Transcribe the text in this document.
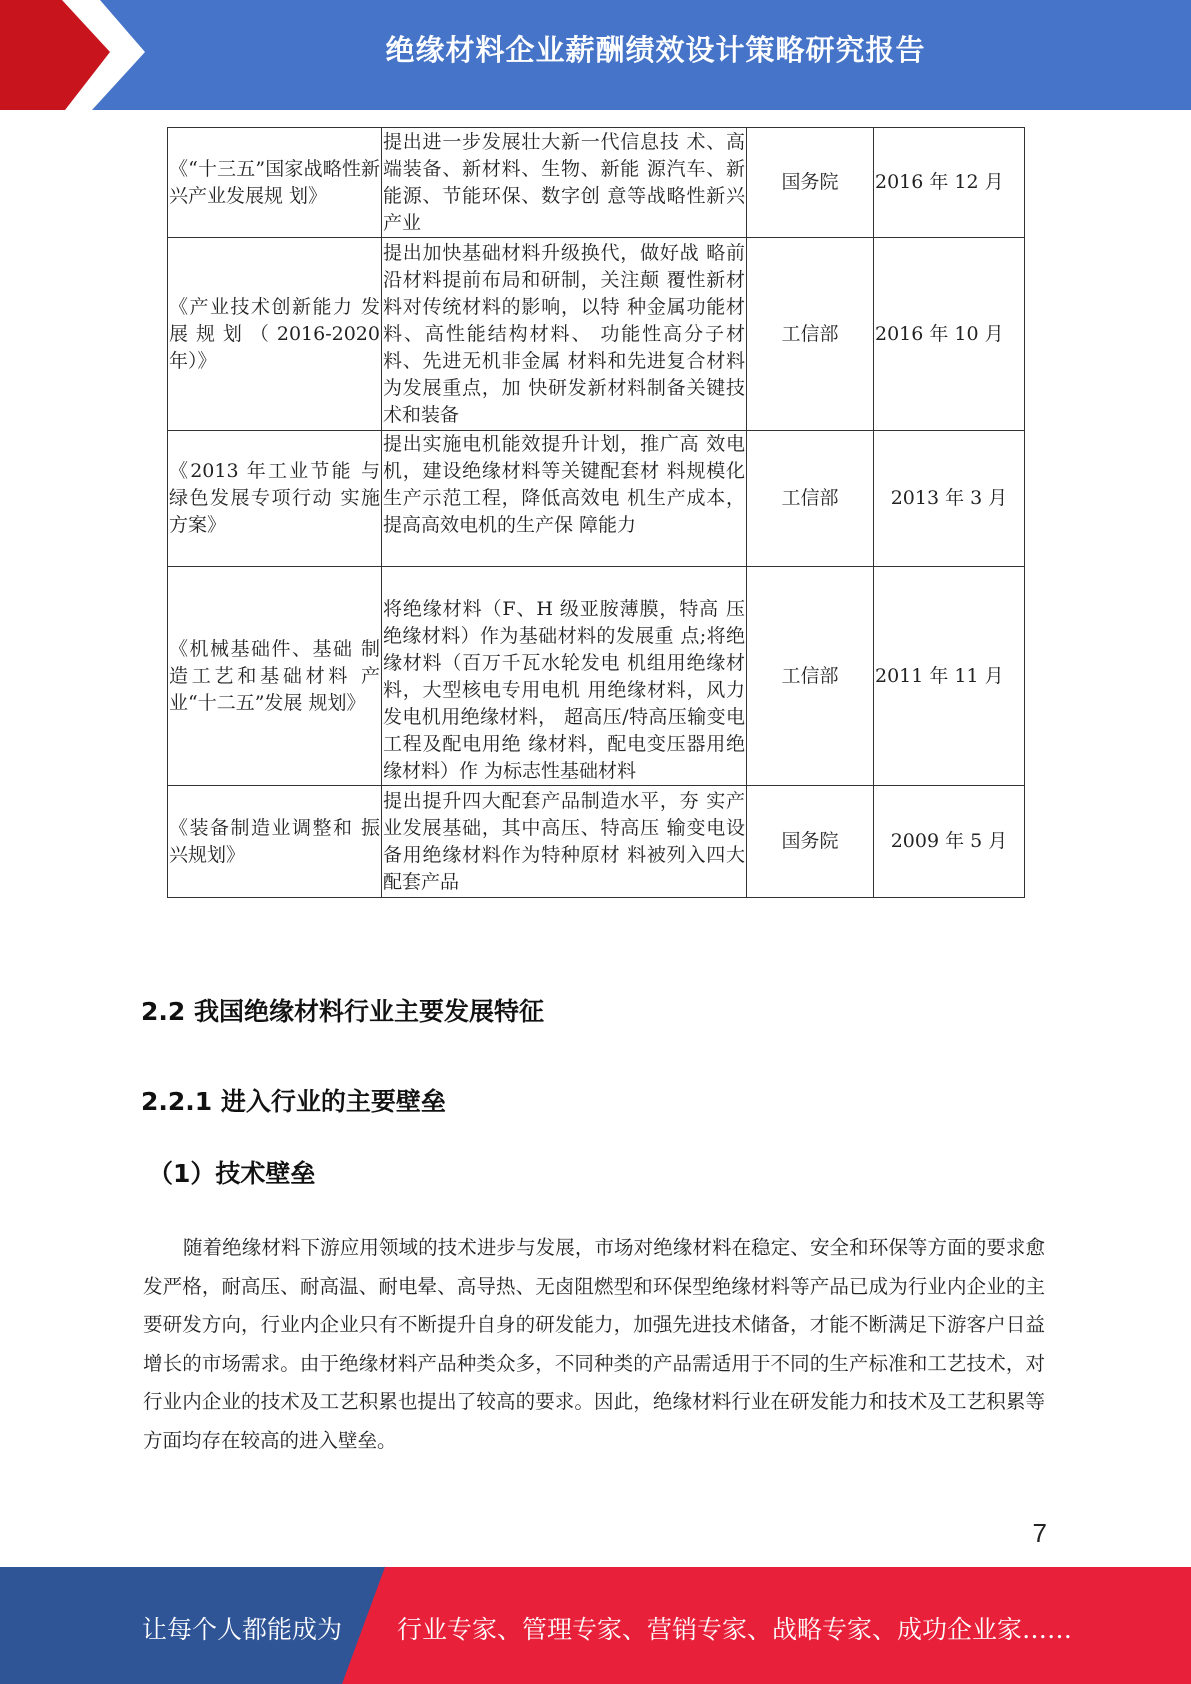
绝缘材料企业薪酬绩效设计策略研究报告
《“十三五”国家战略性新兴产业发展规 划》	提出进一步发展壮大新一代信息技 术、高端装备、新材料、生物、新能 源汽车、新能源、节能环保、数字创 意等战略性新兴产业	国务院	2016 年 12 月
《产业技术创新能力 发展 规 划 （ 2016-2020 年）》	提出加快基础材料升级换代，做好战 略前沿材料提前布局和研制，关注颠 覆性新材料对传统材料的影响，以特 种金属功能材料、高性能结构材料、 功能性高分子材料、先进无机非金属 材料和先进复合材料为发展重点，加 快研发新材料制备关键技术和装备	工信部	2016 年 10 月
《2013 年工业节能 与绿色发展专项行动 实施方案》	提出实施电机能效提升计划，推广高 效电机，建设绝缘材料等关键配套材 料规模化生产示范工程，降低高效电 机生产成本，提高高效电机的生产保 障能力	工信部	2013 年 3 月
《机械基础件、基础 制造工艺和基础材料 产业“十二五”发展 规划》	将绝缘材料（F、H 级亚胺薄膜，特高 压绝缘材料）作为基础材料的发展重 点;将绝缘材料（百万千瓦水轮发电 机组用绝缘材料，大型核电专用电机 用绝缘材料，风力发电机用绝缘材料， 超高压/特高压输变电工程及配电用绝 缘材料，配电变压器用绝缘材料）作 为标志性基础材料	工信部	2011 年 11 月
《装备制造业调整和 振兴规划》	提出提升四大配套产品制造水平，夯 实产业发展基础，其中高压、特高压 输变电设备用绝缘材料作为特种原材 料被列入四大配套产品	国务院	2009 年 5 月
2.2 我国绝缘材料行业主要发展特征
2.2.1 进入行业的主要壁垒
（1）技术壁垒

随着绝缘材料下游应用领域的技术进步与发展，市场对绝缘材料在稳定、安全和环保等方面的要求愈发严格，耐高压、耐高温、耐电晕、高导热、无卤阻燃型和环保型绝缘材料等产品已成为行业内企业的主要研发方向，行业内企业只有不断提升自身的研发能力，加强先进技术储备，才能不断满足下游客户日益增长的市场需求。由于绝缘材料产品种类众多，不同种类的产品需适用于不同的生产标准和工艺技术，对行业内企业的技术及工艺积累也提出了较高的要求。因此，绝缘材料行业在研发能力和技术及工艺积累等方面均存在较高的进入壁垒。

7
让每个人都能成为 行业专家、管理专家、营销专家、战略专家、成功企业家……
